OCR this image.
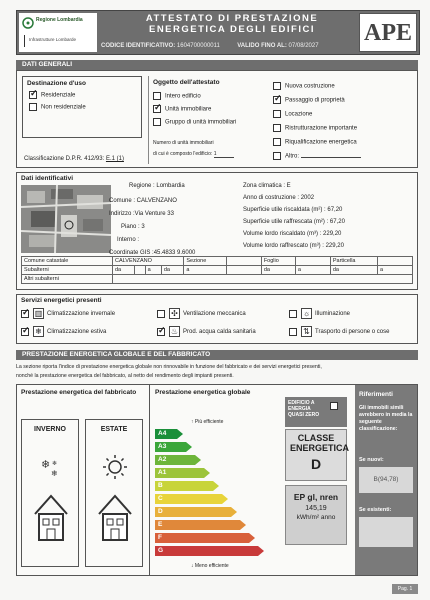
Regione Lombardia
Infrastrutture Lombarde
ATTESTATO DI PRESTAZIONE
ENERGETICA DEGLI EDIFICI
CODICE IDENTIFICATIVO: 1604700000011	VALIDO FINO AL: 07/08/2027	APE
DATI GENERALI
Destinazione d'uso
✓Residenziale
Non residenziale
Classificazione D.P.R. 412/93: E.1 (1)
Oggetto dell'attestato
Intero edificio
✓Unità immobiliare
Gruppo di unità immobiliari
Numero di unità immobiliari
di cui è composto l'edificio: 1
Nuova costruzione
✓Passaggio di proprietà
Locazione
Ristrutturazione importante
Riqualificazione energetica
Altro:
Dati identificativi
Regione : Lombardia
Comune : CALVENZANO
Indirizzo :Via Venture 33
Piano : 3
Interno :
Coordinate GIS :45.4833 9.6000
Zona climatica : E
Anno di costruzione : 2002
Superficie utile riscaldata (m²) : 67,20
Superficie utile raffrescata (m²) : 67,20
Volume lordo riscaldato (m³) : 229,20
Volume lordo raffrescato (m³) : 229,20
Comune catastale	CALVENZANO				Sezione		Foglio		Particella	
Subalterni	da		a	da	a		da	a	da	a
Altri subalterni										
Servizi energetici presenti
✓▥ Climatizzazione invernale
✓❄ Climatizzazione estiva
✣ Ventilazione meccanica
✓♨ Prod. acqua calda sanitaria
☼ Illuminazione
⇅ Trasporto di persone o cose
PRESTAZIONE ENERGETICA GLOBALE E DEL FABBRICATO
La sezione riporta l'indice di prestazione energetica globale non rinnovabile in funzione del fabbricato e dei servizi energetici presenti,
nonché la prestazione energetica del fabbricato, al netto del rendimento degli impianti presenti.
Prestazione energetica del fabbricato
INVERNO
❄
❄
❄
ESTATE
Prestazione energetica globale
↑ Più efficiente
A4
A3
A2
A1
B
C
D
E
F
G
↓ Meno efficiente
EDIFICIO A ENERGIA QUASI ZERO
CLASSE ENERGETICA
D
EP gl, nren
145,19
kWh/m² anno
Riferimenti
Gli immobili simili avrebbero in media la seguente classificazione:
Se nuovi:
B(94,78)
Se esistenti:
Pag. 1
